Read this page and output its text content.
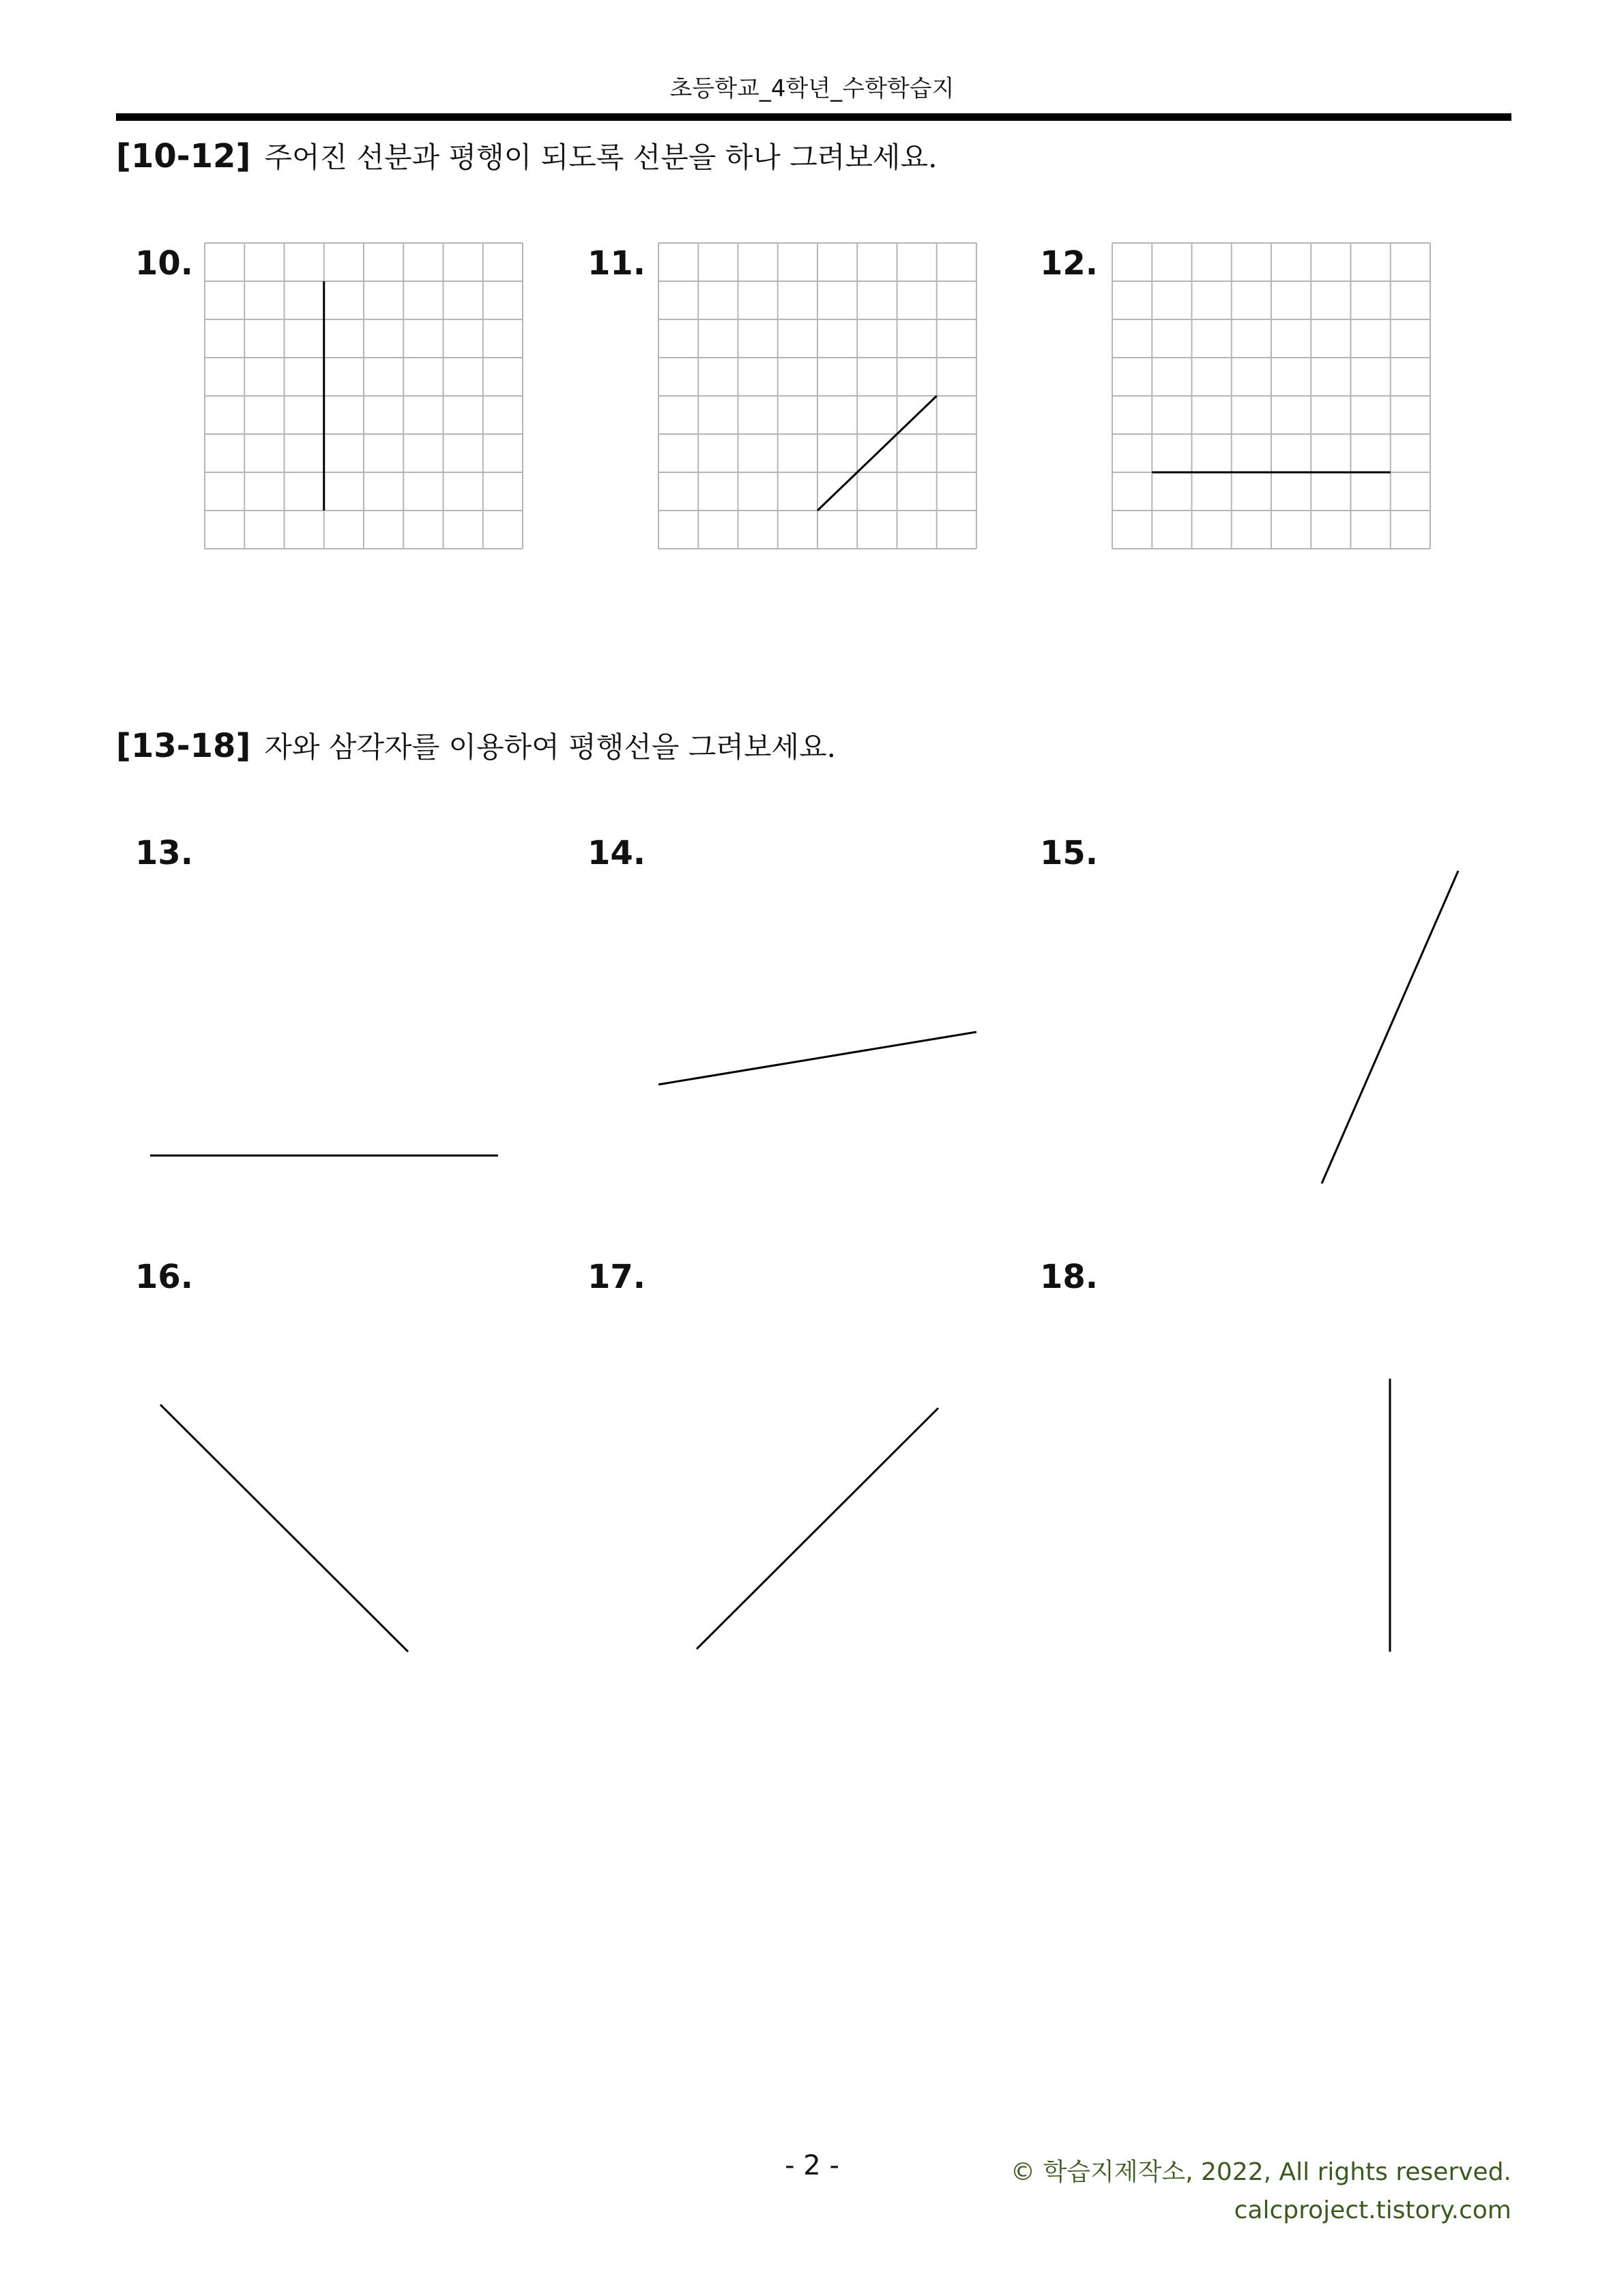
초등학교_4학년_수학학습지
[10-12] 주어진 선분과 평행이 되도록 선분을 하나 그려보세요.
10.	11.	12.
[13-18] 자와 삼각자를 이용하여 평행선을 그려보세요.
13.	14.	15.
16.	17.	18.
- 2 -	© 학습지제작소, 2022, All rights reserved.
calcproject.tistory.com
